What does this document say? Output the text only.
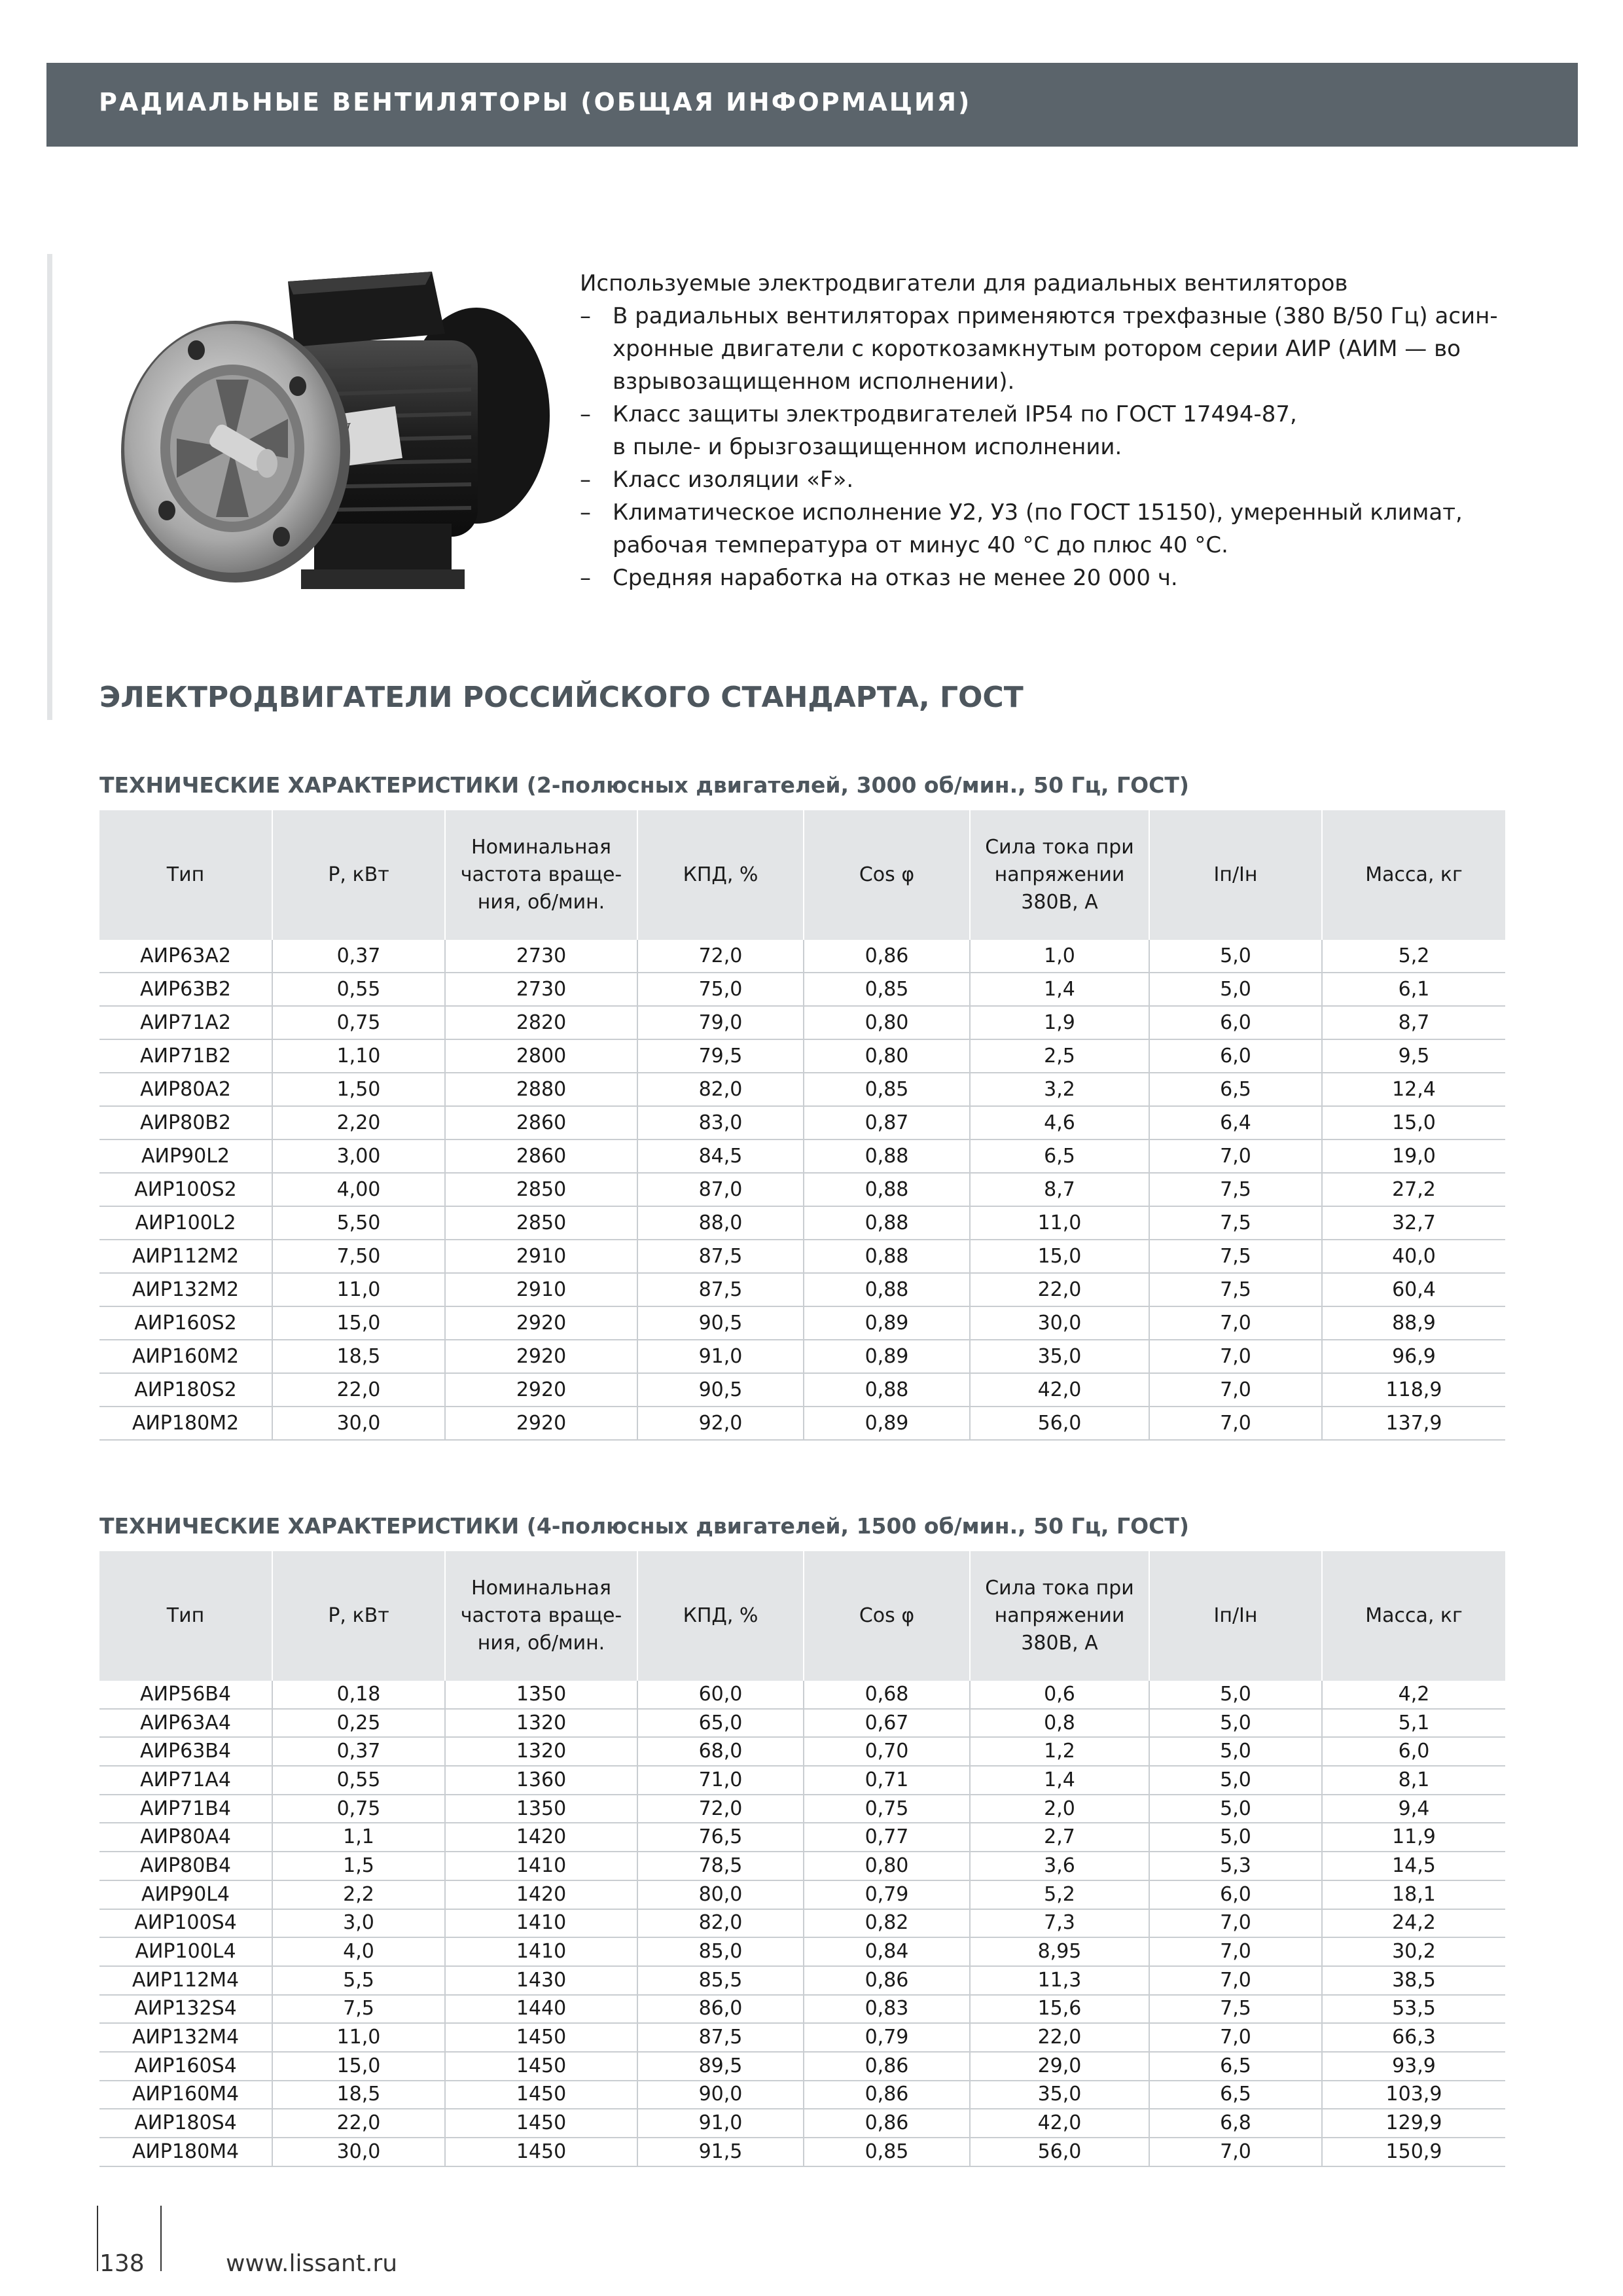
РАДИАЛЬНЫЕ ВЕНТИЛЯТОРЫ (ОБЩАЯ ИНФОРМАЦИЯ)
Используемые электродвигатели для радиальных вентиляторов
– В радиальных вентиляторах применяются трехфазные (380 В/50 Гц) асин-
хронные двигатели с короткозамкнутым ротором серии АИР (АИМ — во
взрывозащищенном исполнении).
– Класс защиты электродвигателей IP54 по ГОСТ 17494-87,
в пыле- и брызгозащищенном исполнении.
– Класс изоляции «F».
– Климатическое исполнение У2, У3 (по ГОСТ 15150), умеренный климат,
рабочая температура от минус 40 °С до плюс 40 °С.
– Средняя наработка на отказ не менее 20 000 ч.
ЭЛЕКТРОДВИГАТЕЛИ РОССИЙСКОГО СТАНДАРТА, ГОСТ
ТЕХНИЧЕСКИЕ ХАРАКТЕРИСТИКИ (2-полюсных двигателей, 3000 об/мин., 50 Гц, ГОСТ)
Тип	Р, кВт	Номинальная частота враще- ния, об/мин.	КПД, %	Cos φ	Сила тока при напряжении 380В, А	Iп/Iн	Масса, кг
АИР63А2	0,37	2730	72,0	0,86	1,0	5,0	5,2
АИР63В2	0,55	2730	75,0	0,85	1,4	5,0	6,1
АИР71А2	0,75	2820	79,0	0,80	1,9	6,0	8,7
АИР71В2	1,10	2800	79,5	0,80	2,5	6,0	9,5
АИР80А2	1,50	2880	82,0	0,85	3,2	6,5	12,4
АИР80В2	2,20	2860	83,0	0,87	4,6	6,4	15,0
АИР90L2	3,00	2860	84,5	0,88	6,5	7,0	19,0
АИР100S2	4,00	2850	87,0	0,88	8,7	7,5	27,2
АИР100L2	5,50	2850	88,0	0,88	11,0	7,5	32,7
АИР112М2	7,50	2910	87,5	0,88	15,0	7,5	40,0
АИР132М2	11,0	2910	87,5	0,88	22,0	7,5	60,4
АИР160S2	15,0	2920	90,5	0,89	30,0	7,0	88,9
АИР160М2	18,5	2920	91,0	0,89	35,0	7,0	96,9
АИР180S2	22,0	2920	90,5	0,88	42,0	7,0	118,9
АИР180М2	30,0	2920	92,0	0,89	56,0	7,0	137,9
ТЕХНИЧЕСКИЕ ХАРАКТЕРИСТИКИ (4-полюсных двигателей, 1500 об/мин., 50 Гц, ГОСТ)
Тип	Р, кВт	Номинальная частота враще- ния, об/мин.	КПД, %	Cos φ	Сила тока при напряжении 380В, А	Iп/Iн	Масса, кг
АИР56В4	0,18	1350	60,0	0,68	0,6	5,0	4,2
АИР63А4	0,25	1320	65,0	0,67	0,8	5,0	5,1
АИР63В4	0,37	1320	68,0	0,70	1,2	5,0	6,0
АИР71А4	0,55	1360	71,0	0,71	1,4	5,0	8,1
АИР71В4	0,75	1350	72,0	0,75	2,0	5,0	9,4
АИР80А4	1,1	1420	76,5	0,77	2,7	5,0	11,9
АИР80В4	1,5	1410	78,5	0,80	3,6	5,3	14,5
АИР90L4	2,2	1420	80,0	0,79	5,2	6,0	18,1
АИР100S4	3,0	1410	82,0	0,82	7,3	7,0	24,2
АИР100L4	4,0	1410	85,0	0,84	8,95	7,0	30,2
АИР112М4	5,5	1430	85,5	0,86	11,3	7,0	38,5
АИР132S4	7,5	1440	86,0	0,83	15,6	7,5	53,5
АИР132М4	11,0	1450	87,5	0,79	22,0	7,0	66,3
АИР160S4	15,0	1450	89,5	0,86	29,0	6,5	93,9
АИР160М4	18,5	1450	90,0	0,86	35,0	6,5	103,9
АИР180S4	22,0	1450	91,0	0,86	42,0	6,8	129,9
АИР180М4	30,0	1450	91,5	0,85	56,0	7,0	150,9
138	www.lissant.ru
